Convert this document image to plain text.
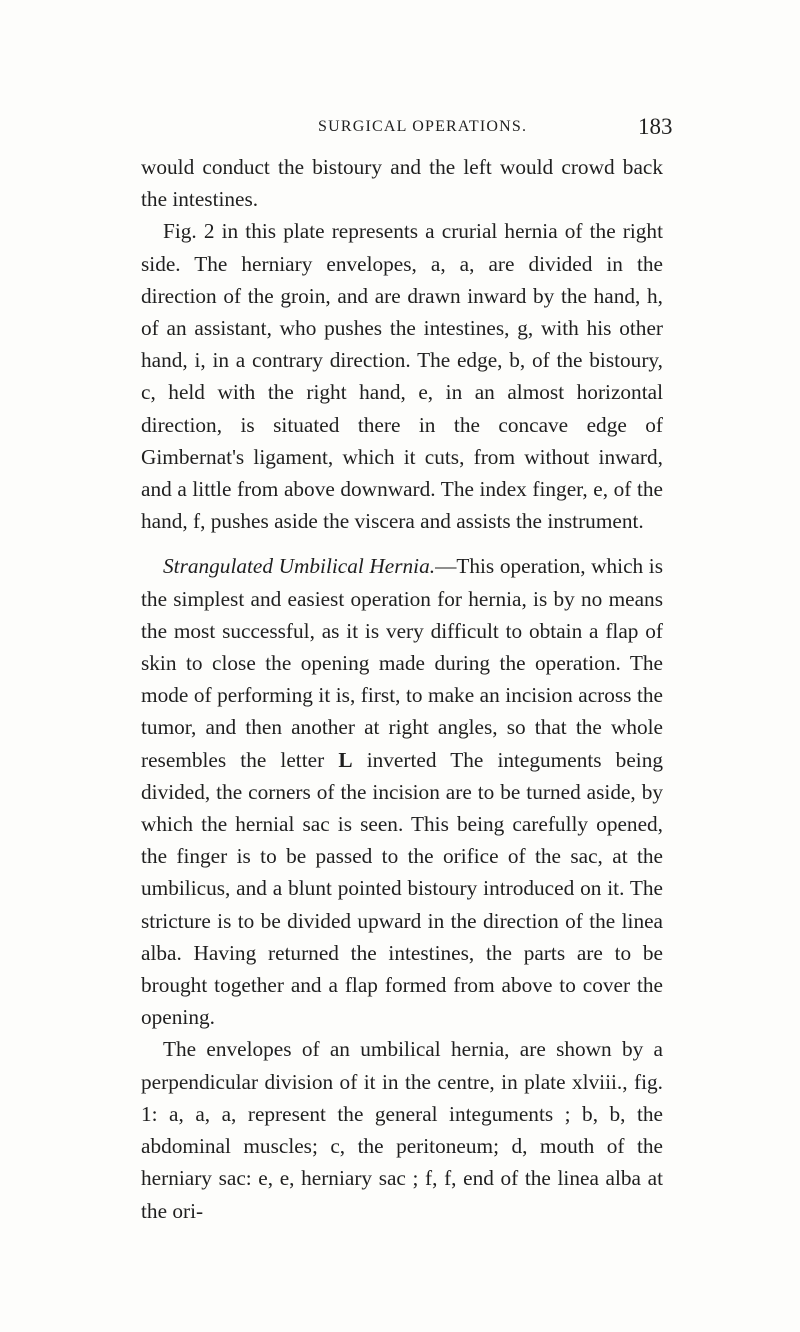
SURGICAL OPERATIONS.	183

would conduct the bistoury and the left would crowd back the intestines.

Fig. 2 in this plate represents a crurial hernia of the right side. The herniary envelopes, a, a, are divided in the direction of the groin, and are drawn inward by the hand, h, of an assistant, who pushes the intestines, g, with his other hand, i, in a contrary direction. The edge, b, of the bistoury, c, held with the right hand, e, in an almost horizontal direction, is situated there in the concave edge of Gimbernat's ligament, which it cuts, from without inward, and a little from above downward. The index finger, e, of the hand, f, pushes aside the viscera and assists the instrument.

Strangulated Umbilical Hernia.—This operation, which is the simplest and easiest operation for hernia, is by no means the most successful, as it is very difficult to obtain a flap of skin to close the opening made during the operation. The mode of performing it is, first, to make an incision across the tumor, and then another at right angles, so that the whole resembles the letter L inverted The integuments being divided, the corners of the incision are to be turned aside, by which the hernial sac is seen. This being carefully opened, the finger is to be passed to the orifice of the sac, at the umbilicus, and a blunt pointed bistoury introduced on it. The stricture is to be divided upward in the direction of the linea alba. Having returned the intestines, the parts are to be brought together and a flap formed from above to cover the opening.

The envelopes of an umbilical hernia, are shown by a perpendicular division of it in the centre, in plate xlviii., fig. 1: a, a, a, represent the general integuments ; b, b, the abdominal muscles; c, the peritoneum; d, mouth of the herniary sac: e, e, herniary sac ; f, f, end of the linea alba at the ori-
